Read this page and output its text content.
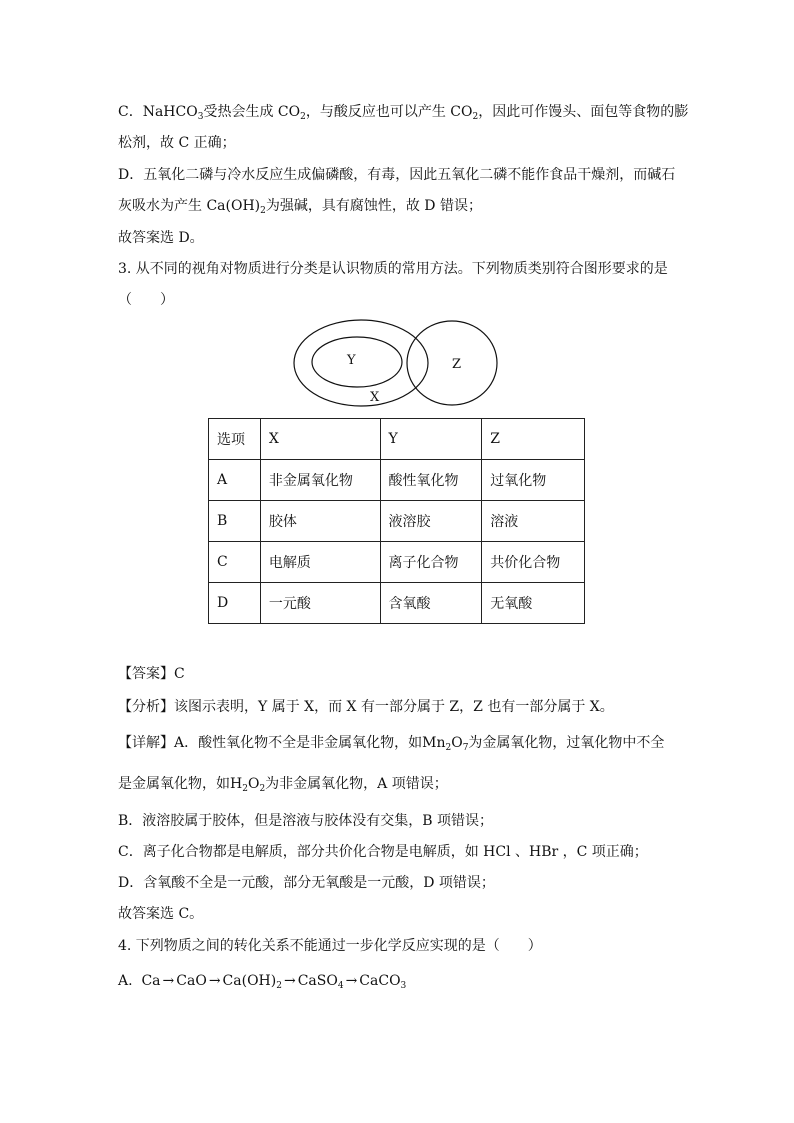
C．NaHCO$_3$受热会生成 $CO_2$，与酸反应也可以产生 $CO_2$，因此可作馒头、面包等食物的膨
松剂，故 C 正确；
D．五氧化二磷与冷水反应生成偏磷酸，有毒，因此五氧化二磷不能作食品干燥剂，而碱石
灰吸水为产生 $Ca(OH)_2$为强碱，具有腐蚀性，故 D 错误；
故答案选 D。
3. 从不同的视角对物质进行分类是认识物质的常用方法。下列物质类别符合图形要求的是
（　　）
Y	Z
X
选项	X	Y	Z
A	非金属氧化物	酸性氧化物	过氧化物
B	胶体	液溶胶	溶液
C	电解质	离子化合物	共价化合物
D	一元酸	含氧酸	无氧酸
【答案】C
【分析】该图示表明，Y 属于 X，而 X 有一部分属于 Z，Z 也有一部分属于 X。
【详解】A．酸性氧化物不全是非金属氧化物，如$Mn_2O_7$为金属氧化物，过氧化物中不全
是金属氧化物，如$H_2O_2$为非金属氧化物，A 项错误；
B．液溶胶属于胶体，但是溶液与胶体没有交集，B 项错误；
C．离子化合物都是电解质，部分共价化合物是电解质，如 HCl 、HBr ，C 项正确；
D．含氧酸不全是一元酸，部分无氧酸是一元酸，D 项错误；
故答案选 C。
4. 下列物质之间的转化关系不能通过一步化学反应实现的是（　　）
A. Ca → CaO → $Ca(OH)_2$ → CaSO$_4$ → CaCO$_3$
